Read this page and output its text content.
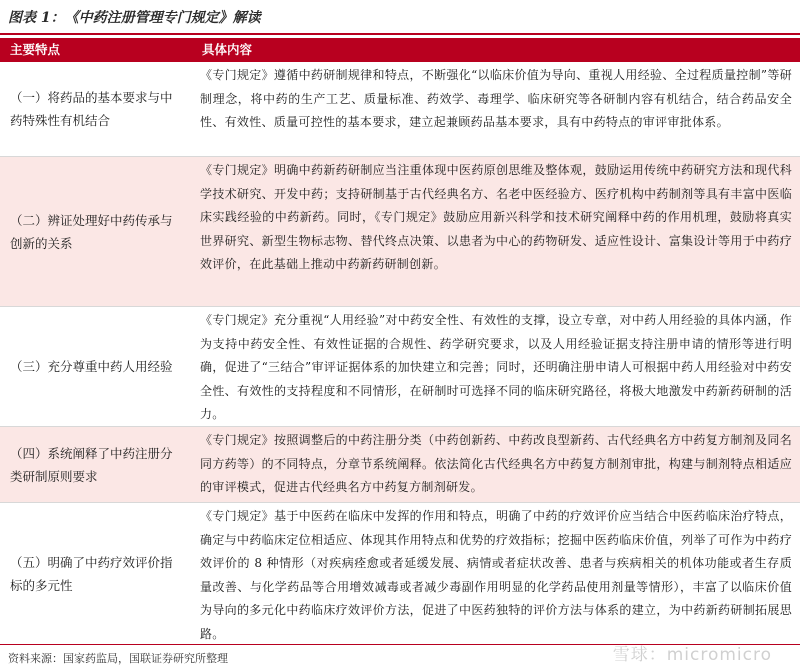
图表 1：《中药注册管理专门规定》解读
主要特点	具体内容
（一）将药品的基本要求与中药特殊性有机结合
《专门规定》遵循中药研制规律和特点，不断强化“以临床价值为导向、重视人用经验、全过程质量控制”等研制理念，将中药的生产工艺、质量标准、药效学、毒理学、临床研究等各研制内容有机结合，结合药品安全性、有效性、质量可控性的基本要求，建立起兼顾药品基本要求，具有中药特点的审评审批体系。
（二）辨证处理好中药传承与创新的关系
《专门规定》明确中药新药研制应当注重体现中医药原创思维及整体观，鼓励运用传统中药研究方法和现代科学技术研究、开发中药；支持研制基于古代经典名方、名老中医经验方、医疗机构中药制剂等具有丰富中医临床实践经验的中药新药。同时，《专门规定》鼓励应用新兴科学和技术研究阐释中药的作用机理，鼓励将真实世界研究、新型生物标志物、替代终点决策、以患者为中心的药物研发、适应性设计、富集设计等用于中药疗效评价，在此基础上推动中药新药研制创新。
（三）充分尊重中药人用经验
《专门规定》充分重视“人用经验”对中药安全性、有效性的支撑，设立专章，对中药人用经验的具体内涵，作为支持中药安全性、有效性证据的合规性、药学研究要求，以及人用经验证据支持注册申请的情形等进行明确，促进了“三结合”审评证据体系的加快建立和完善；同时，还明确注册申请人可根据中药人用经验对中药安全性、有效性的支持程度和不同情形，在研制时可选择不同的临床研究路径，将极大地激发中药新药研制的活力。
（四）系统阐释了中药注册分类研制原则要求
《专门规定》按照调整后的中药注册分类（中药创新药、中药改良型新药、古代经典名方中药复方制剂及同名同方药等）的不同特点，分章节系统阐释。依法简化古代经典名方中药复方制剂审批，构建与制剂特点相适应的审评模式，促进古代经典名方中药复方制剂研发。
（五）明确了中药疗效评价指标的多元性
《专门规定》基于中医药在临床中发挥的作用和特点，明确了中药的疗效评价应当结合中医药临床治疗特点，确定与中药临床定位相适应、体现其作用特点和优势的疗效指标；挖掘中医药临床价值，列举了可作为中药疗效评价的 8 种情形（对疾病痊愈或者延缓发展、病情或者症状改善、患者与疾病相关的机体功能或者生存质量改善、与化学药品等合用增效减毒或者减少毒副作用明显的化学药品使用剂量等情形），丰富了以临床价值为导向的多元化中药临床疗效评价方法，促进了中医药独特的评价方法与体系的建立，为中药新药研制拓展思路。
资料来源：国家药监局，国联证券研究所整理	雪球：micromicro
